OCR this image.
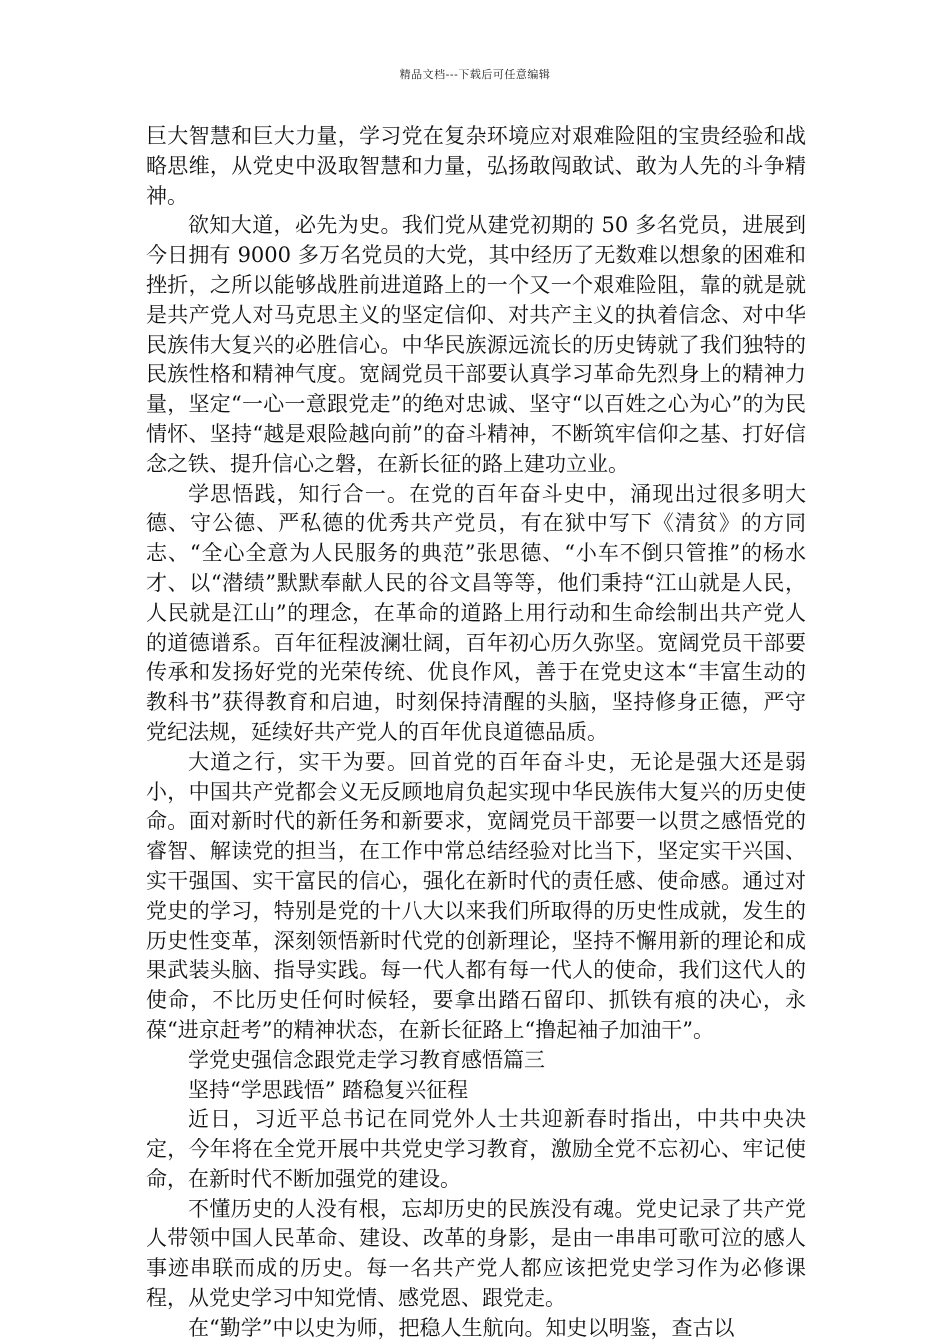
精品文档---下载后可任意编辑

巨大智慧和巨大力量，学习党在复杂环境应对艰难险阻的宝贵经验和战略思维，从党史中汲取智慧和力量，弘扬敢闯敢试、敢为人先的斗争精神。

欲知大道，必先为史。我们党从建党初期的 50 多名党员，进展到今日拥有 9000 多万名党员的大党，其中经历了无数难以想象的困难和挫折，之所以能够战胜前进道路上的一个又一个艰难险阻，靠的就是就是共产党人对马克思主义的坚定信仰、对共产主义的执着信念、对中华民族伟大复兴的必胜信心。中华民族源远流长的历史铸就了我们独特的民族性格和精神气度。宽阔党员干部要认真学习革命先烈身上的精神力量，坚定“一心一意跟党走”的绝对忠诚、坚守“以百姓之心为心”的为民情怀、坚持“越是艰险越向前”的奋斗精神，不断筑牢信仰之基、打好信念之铁、提升信心之磐，在新长征的路上建功立业。

学思悟践，知行合一。在党的百年奋斗史中，涌现出过很多明大德、守公德、严私德的优秀共产党员，有在狱中写下《清贫》的方同志、“全心全意为人民服务的典范”张思德、“小车不倒只管推”的杨水才、以“潜绩”默默奉献人民的谷文昌等等，他们秉持“江山就是人民，人民就是江山”的理念，在革命的道路上用行动和生命绘制出共产党人的道德谱系。百年征程波澜壮阔，百年初心历久弥坚。宽阔党员干部要传承和发扬好党的光荣传统、优良作风，善于在党史这本“丰富生动的教科书”获得教育和启迪，时刻保持清醒的头脑，坚持修身正德，严守党纪法规，延续好共产党人的百年优良道德品质。

大道之行，实干为要。回首党的百年奋斗史，无论是强大还是弱小，中国共产党都会义无反顾地肩负起实现中华民族伟大复兴的历史使命。面对新时代的新任务和新要求，宽阔党员干部要一以贯之感悟党的睿智、解读党的担当，在工作中常总结经验对比当下，坚定实干兴国、实干强国、实干富民的信心，强化在新时代的责任感、使命感。通过对党史的学习，特别是党的十八大以来我们所取得的历史性成就，发生的历史性变革，深刻领悟新时代党的创新理论，坚持不懈用新的理论和成果武装头脑、指导实践。每一代人都有每一代人的使命，我们这代人的使命，不比历史任何时候轻，要拿出踏石留印、抓铁有痕的决心，永葆“进京赶考”的精神状态，在新长征路上“撸起袖子加油干”。

学党史强信念跟党走学习教育感悟篇三

坚持“学思践悟” 踏稳复兴征程

近日，习近平总书记在同党外人士共迎新春时指出，中共中央决定，今年将在全党开展中共党史学习教育，激励全党不忘初心、牢记使命，在新时代不断加强党的建设。

不懂历史的人没有根，忘却历史的民族没有魂。党史记录了共产党人带领中国人民革命、建设、改革的身影，是由一串串可歌可泣的感人事迹串联而成的历史。每一名共产党人都应该把党史学习作为必修课程，从党史学习中知党情、感党恩、跟党走。

在“勤学”中以史为师，把稳人生航向。知史以明鉴，查古以
